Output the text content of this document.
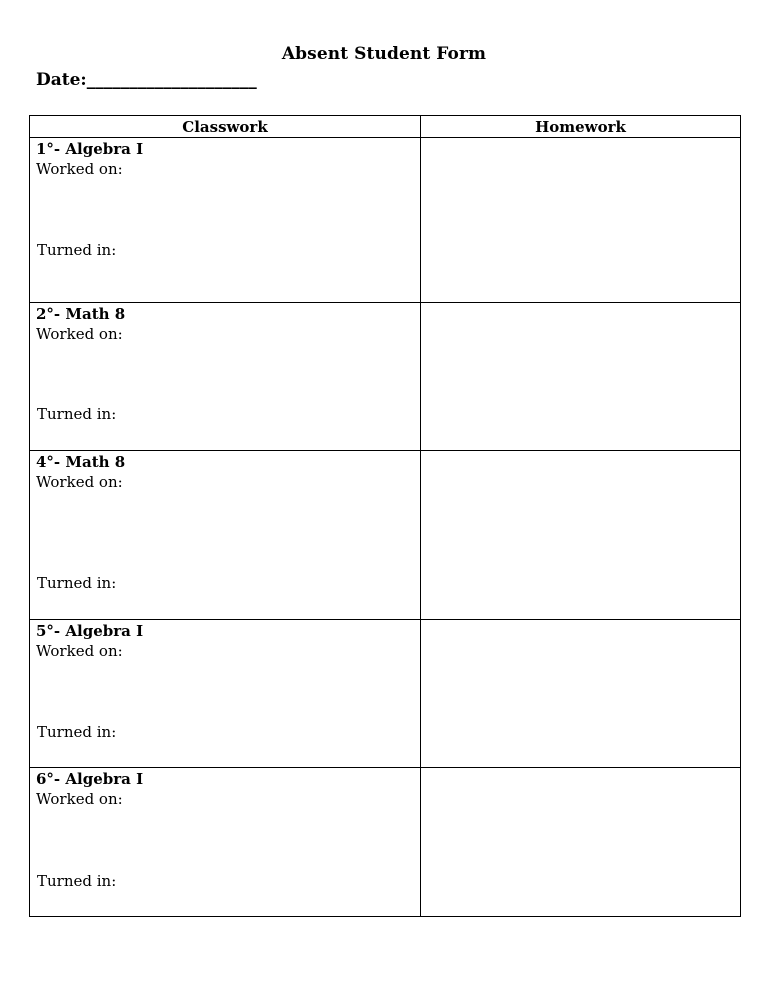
Absent Student Form
Date:____________________
Classwork	Homework

1°- Algebra I
Worked on:
Turned in:	

2°- Math 8
Worked on:
Turned in:	

4°- Math 8
Worked on:
Turned in:	

5°- Algebra I
Worked on:
Turned in:	

6°- Algebra I
Worked on:
Turned in:	
